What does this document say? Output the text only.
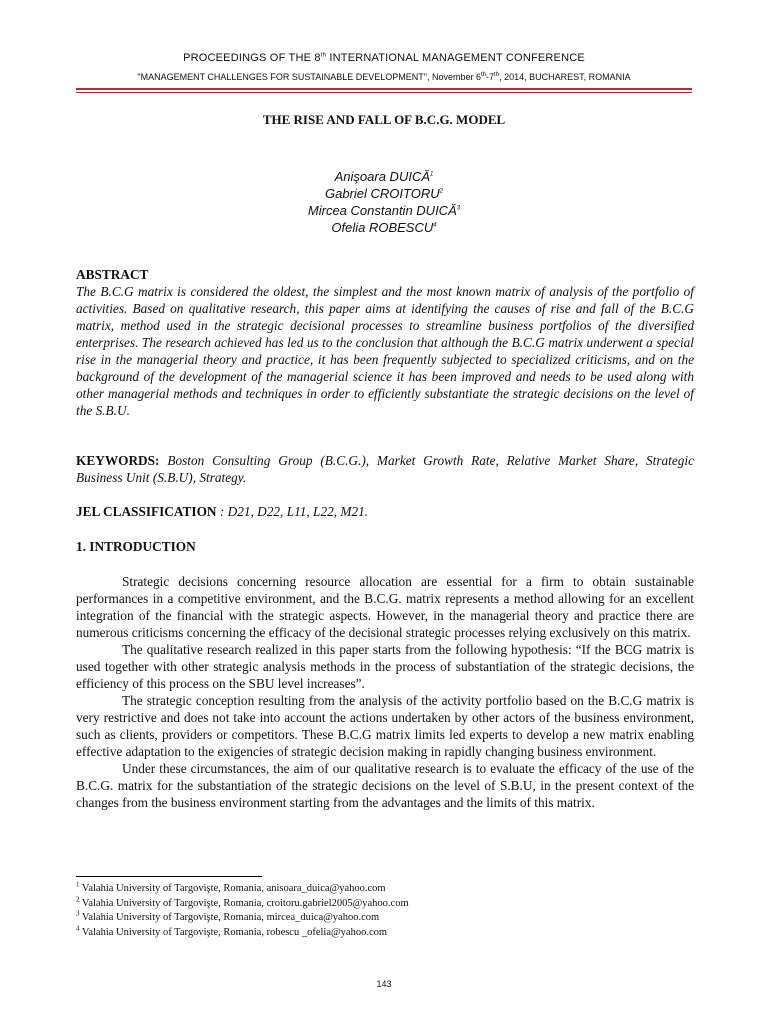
PROCEEDINGS OF THE 8th INTERNATIONAL MANAGEMENT CONFERENCE
"MANAGEMENT CHALLENGES FOR SUSTAINABLE DEVELOPMENT", November 6th-7th, 2014, BUCHAREST, ROMANIA
THE RISE AND FALL OF B.C.G. MODEL
Anişoara DUICĂ$^1$
Gabriel CROITORU$^2$
Mircea Constantin DUICĂ$^3$
Ofelia ROBESCU$^4$
ABSTRACT
The B.C.G matrix is considered the oldest, the simplest and the most known matrix of analysis of the portfolio of activities. Based on qualitative research, this paper aims at identifying the causes of rise and fall of the B.C.G matrix, method used in the strategic decisional processes to streamline business portfolios of the diversified enterprises. The research achieved has led us to the conclusion that although the B.C.G matrix underwent a special rise in the managerial theory and practice, it has been frequently subjected to specialized criticisms, and on the background of the development of the managerial science it has been improved and needs to be used along with other managerial methods and techniques in order to efficiently substantiate the strategic decisions on the level of the S.B.U.
KEYWORDS: Boston Consulting Group (B.C.G.), Market Growth Rate, Relative Market Share, Strategic Business Unit (S.B.U), Strategy.
JEL CLASSIFICATION : D21, D22, L11, L22, M21.
1. INTRODUCTION

Strategic decisions concerning resource allocation are essential for a firm to obtain sustainable performances in a competitive environment, and the B.C.G. matrix represents a method allowing for an excellent integration of the financial with the strategic aspects. However, in the managerial theory and practice there are numerous criticisms concerning the efficacy of the decisional strategic processes relying exclusively on this matrix.

The qualitative research realized in this paper starts from the following hypothesis: “If the BCG matrix is used together with other strategic analysis methods in the process of substantiation of the strategic decisions, the efficiency of this process on the SBU level increases”.

The strategic conception resulting from the analysis of the activity portfolio based on the B.C.G matrix is very restrictive and does not take into account the actions undertaken by other actors of the business environment, such as clients, providers or competitors. These B.C.G matrix limits led experts to develop a new matrix enabling effective adaptation to the exigencies of strategic decision making in rapidly changing business environment.

Under these circumstances, the aim of our qualitative research is to evaluate the efficacy of the use of the B.C.G. matrix for the substantiation of the strategic decisions on the level of S.B.U, in the present context of the changes from the business environment starting from the advantages and the limits of this matrix.

$^1$ Valahia University of Targovişte, Romania, anisoara_duica@yahoo.com
$^2$ Valahia University of Targovişte, Romania, croitoru.gabriel2005@yahoo.com
$^3$ Valahia University of Targovişte, Romania, mircea_duica@yahoo.com
$^4$ Valahia University of Targovişte, Romania, robescu _ofelia@yahoo.com
143
